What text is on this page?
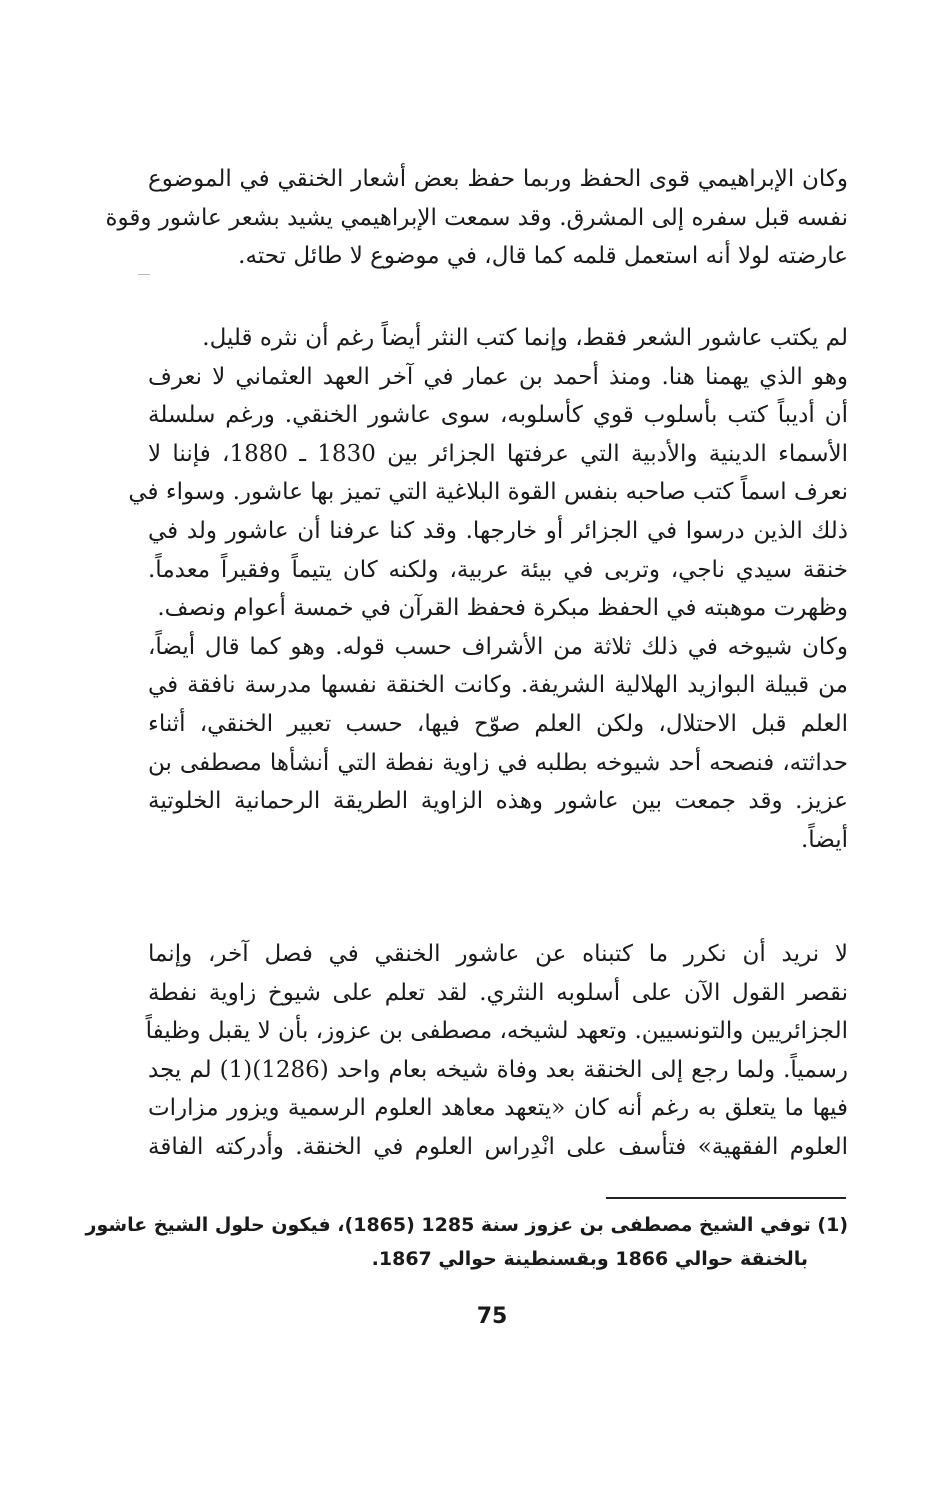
وكان الإبراهيمي قوى الحفظ وربما حفظ بعض أشعار الخنقي في الموضوع
نفسه قبل سفره إلى المشرق. وقد سمعت الإبراهيمي يشيد بشعر عاشور وقوة
عارضته لولا أنه استعمل قلمه كما قال، في موضوع لا طائل تحته.
لم يكتب عاشور الشعر فقط، وإنما كتب النثر أيضاً رغم أن نثره قليل.
وهو الذي يهمنا هنا. ومنذ أحمد بن عمار في آخر العهد العثماني لا نعرف
أن أديباً كتب بأسلوب قوي كأسلوبه، سوى عاشور الخنقي. ورغم سلسلة
الأسماء الدينية والأدبية التي عرفتها الجزائر بين 1830 ـ 1880، فإننا لا
نعرف اسماً كتب صاحبه بنفس القوة البلاغية التي تميز بها عاشور. وسواء في
ذلك الذين درسوا في الجزائر أو خارجها. وقد كنا عرفنا أن عاشور ولد في
خنقة سيدي ناجي، وتربى في بيئة عربية، ولكنه كان يتيماً وفقيراً معدماً.
وظهرت موهبته في الحفظ مبكرة فحفظ القرآن في خمسة أعوام ونصف.
وكان شيوخه في ذلك ثلاثة من الأشراف حسب قوله. وهو كما قال أيضاً،
من قبيلة البوازيد الهلالية الشريفة. وكانت الخنقة نفسها مدرسة نافقة في
العلم قبل الاحتلال، ولكن العلم صوّح فيها، حسب تعبير الخنقي، أثناء
حداثته، فنصحه أحد شيوخه بطلبه في زاوية نفطة التي أنشأها مصطفى بن
عزيز. وقد جمعت بين عاشور وهذه الزاوية الطريقة الرحمانية الخلوتية
أيضاً.
لا نريد أن نكرر ما كتبناه عن عاشور الخنقي في فصل آخر، وإنما
نقصر القول الآن على أسلوبه النثري. لقد تعلم على شيوخ زاوية نفطة
الجزائريين والتونسيين. وتعهد لشيخه، مصطفى بن عزوز، بأن لا يقبل وظيفاً
رسمياً. ولما رجع إلى الخنقة بعد وفاة شيخه بعام واحد (1286)(1) لم يجد
فيها ما يتعلق به رغم أنه كان «يتعهد معاهد العلوم الرسمية ويزور مزارات
العلوم الفقهية» فتأسف على انْدِراس العلوم في الخنقة. وأدركته الفاقة
(1) توفي الشيخ مصطفى بن عزوز سنة 1285 (1865)، فيكون حلول الشيخ عاشور
بالخنقة حوالي 1866 وبقسنطينة حوالي 1867.
75
